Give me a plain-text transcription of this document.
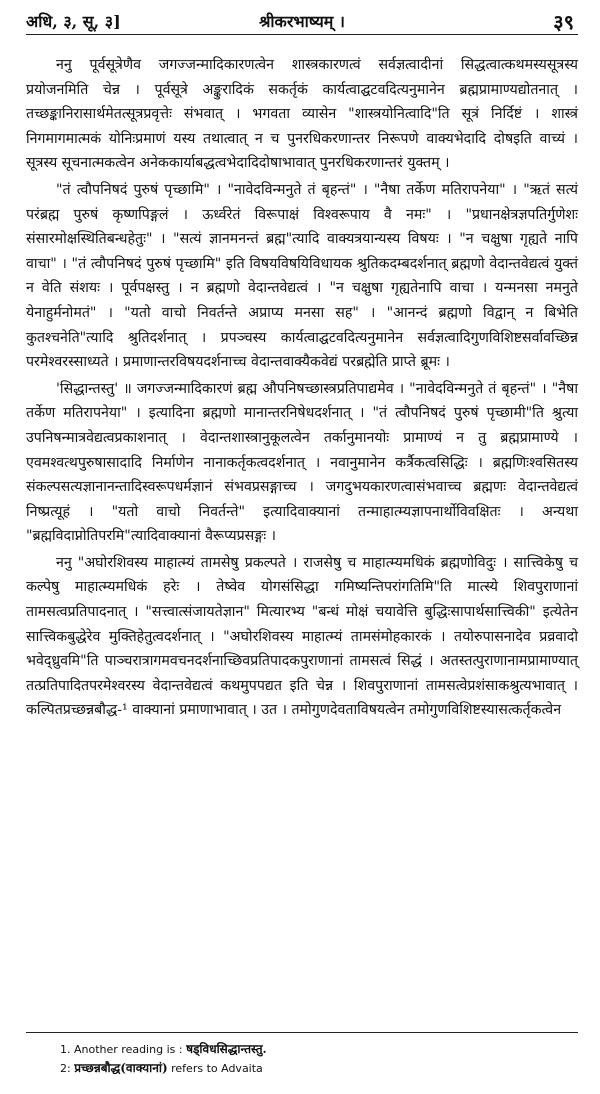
अधि, ३, सू, ३]	श्रीकरभाष्यम् ।	३९

ननु पूर्वसूत्रेणैव जगज्जन्मादिकारणत्वेन शास्त्रकारणत्वं सर्वज्ञत्वादीनां सिद्धत्वात्कथमस्यसूत्रस्य प्रयोजनमिति चेन्न । पूर्वसूत्रे अङ्कुरादिकं सकर्तृकं कार्यत्वाद्घटवदित्यनुमानेन ब्रह्मप्रामाण्यद्योतनात् । तच्छङ्कानिरासार्थमेतत्सूत्रप्रवृत्तेः संभवात् । भगवता व्यासेन "शास्त्रयोनित्वादि"ति सूत्रं निर्दिष्टं । शास्त्रं निगमागमात्मकं योनिःप्रमाणं यस्य तथात्वात् न च पुनरधिकरणान्तर निरूपणे वाक्यभेदादि दोषइति वाच्यं । सूत्रस्य सूचनात्मकत्वेन अनेककार्याबद्धत्वभेदादिदोषाभावात् पुनरधिकरणान्तरं युक्तम् ।

"तं त्वौपनिषदं पुरुषं पृच्छामि" । "नावेदविन्मनुते तं बृहन्तं" । "नैषा तर्केण मतिरापनेया" । "ऋतं सत्यं परंब्रह्म पुरुषं कृष्णपिङ्गलं । ऊर्ध्वरेतं विरूपाक्षं विश्वरूपाय वै नमः" । "प्रधानक्षेत्रज्ञपतिर्गुणेशः संसारमोक्षस्थितिबन्धहेतुः" । "सत्यं ज्ञानमनन्तं ब्रह्म"त्यादि वाक्यत्रयान्यस्य विषयः । "न चक्षुषा गृह्यते नापि वाचा" । "तं त्वौपनिषदं पुरुषं पृच्छामि" इति विषयविषयिविधायक श्रुतिकदम्बदर्शनात् ब्रह्मणो वेदान्तवेद्यत्वं युक्तं न वेति संशयः । पूर्वपक्षस्तु । न ब्रह्मणो वेदान्तवेद्यत्वं । "न चक्षुषा गृह्यतेनापि वाचा । यन्मनसा नमनुते येनाहुर्मनोमतं" । "यतो वाचो निवर्तन्ते अप्राप्य मनसा सह" । "आनन्दं ब्रह्मणो विद्वान् न बिभेति कुतश्चनेति"त्यादि श्रुतिदर्शनात् । प्रपञ्चस्य कार्यत्वाद्घटवदित्यनुमानेन सर्वज्ञत्वादिगुणविशिष्टसर्वावच्छिन्न परमेश्वरस्साध्यते । प्रमाणान्तरविषयदर्शनाच्च वेदान्तवाक्यैकवेद्यं परब्रह्मेति प्राप्ते ब्रूमः ।

'सिद्धान्तस्तु' ॥ जगज्जन्मादिकारणं ब्रह्म औपनिषच्छास्त्रप्रतिपाद्यमेव । "नावेदविन्मनुते तं बृहन्तं" । "नैषा तर्केण मतिरापनेया" । इत्यादिना ब्रह्मणो मानान्तरनिषेधदर्शनात् । "तं त्वौपनिषदं पुरुषं पृच्छामी"ति श्रुत्या उपनिषन्मात्रवेद्यत्वप्रकाशनात् । वेदान्तशास्त्रानुकूलत्वेन तर्कानुमानयोः प्रामाण्यं न तु ब्रह्मप्रामाण्ये । एवमश्वत्थपुरुषासादादि निर्माणेन नानाकर्तृकत्वदर्शनात् । नवानुमानेन कर्त्रैकत्वसिद्धिः । ब्रह्मणिःश्वसितस्य संकल्पसत्यज्ञानानन्तादिस्वरूपधर्मज्ञानं संभवप्रसङ्गाच्च । जगदुभयकारणत्वासंभवाच्च ब्रह्मणः वेदान्तवेद्यत्वं निष्प्रत्यूहं । "यतो वाचो निवर्तन्ते" इत्यादिवाक्यानां तन्माहात्म्यज्ञापनार्थोविवक्षितः । अन्यथा "ब्रह्मविदाप्नोतिपरमि"त्यादिवाक्यानां वैरूप्यप्रसङ्गः ।

ननु "अघोरशिवस्य माहात्म्यं तामसेषु प्रकल्पते । राजसेषु च माहात्म्यमधिकं ब्रह्मणोविदुः । सात्त्विकेषु च कल्पेषु माहात्म्यमधिकं हरेः । तेष्वेव योगसंसिद्धा गमिष्यन्तिपरांगतिमि"ति मात्स्ये शिवपुराणानां तामसत्वप्रतिपादनात् । "सत्त्वात्संजायतेज्ञान" मित्यारभ्य "बन्धं मोक्षं चयावेत्ति बुद्धिःसापार्थसात्त्विकी" इत्येतेन सात्त्विकबुद्धेरेव मुक्तिहेतुत्वदर्शनात् । "अघोरशिवस्य माहात्म्यं तामसंमोहकारकं । तयोरुपासनादेव प्रव्रवादो भवेद्ध्रुवमि"ति पाञ्चरात्रागमवचनदर्शनाच्छिवप्रतिपादकपुराणानां तामसत्वं सिद्धं । अतस्तत्पुराणानामप्रामाण्यात् तत्प्रतिपादितपरमेश्वरस्य वेदान्तवेद्यत्वं कथमुपपद्यत इति चेन्न । शिवपुराणानां तामसत्वेप्रशंसाकश्रुत्यभावात् । कल्पितप्रच्छन्नबौद्ध-¹ वाक्यानां प्रमाणाभावात् । उत । तमोगुणदेवताविषयत्वेन तमोगुणविशिष्टस्यासत्कर्तृकत्वेन

1. Another reading is : षड्विधसिद्धान्तस्तु.
2: प्रच्छन्नबौद्ध(वाक्यानां) refers to Advaita
